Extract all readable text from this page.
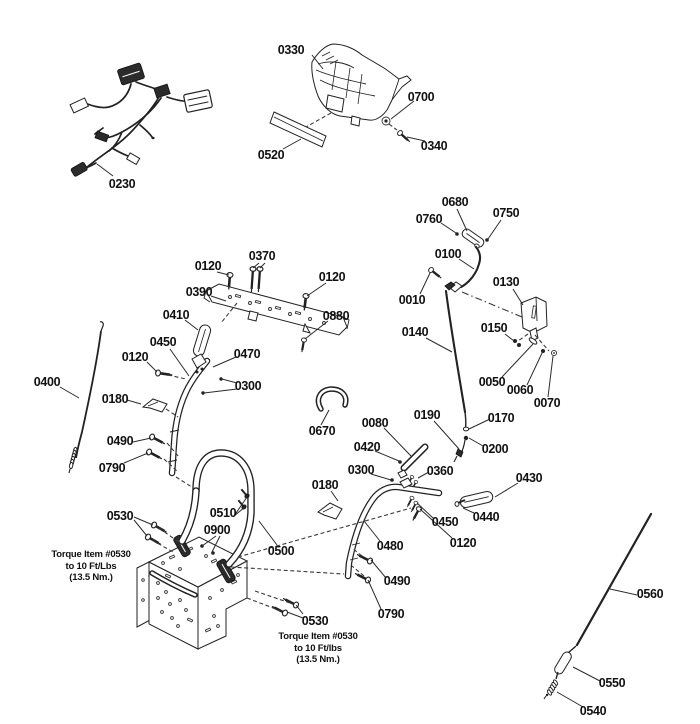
0230
0330
0700
0340
0520
0680
0760	0750
0100
0010
0130
0140	0150
0050
0060
0070
0120
0370
0390
0120
0880
0410
0450
0120
0400
0470
0300
0180
0490
0790
0670
0080
0420
0190	0170
0200
0300	0360
0180	0430
0440
0450
0120
0480
0490
0790
0530	0510
0900
0500
0530
0560
0550
0540
Torque Item #0530
to 10 Ft/Lbs
(13.5 Nm.)
Torque Item #0530
to 10 Ft/lbs
(13.5 Nm.)
